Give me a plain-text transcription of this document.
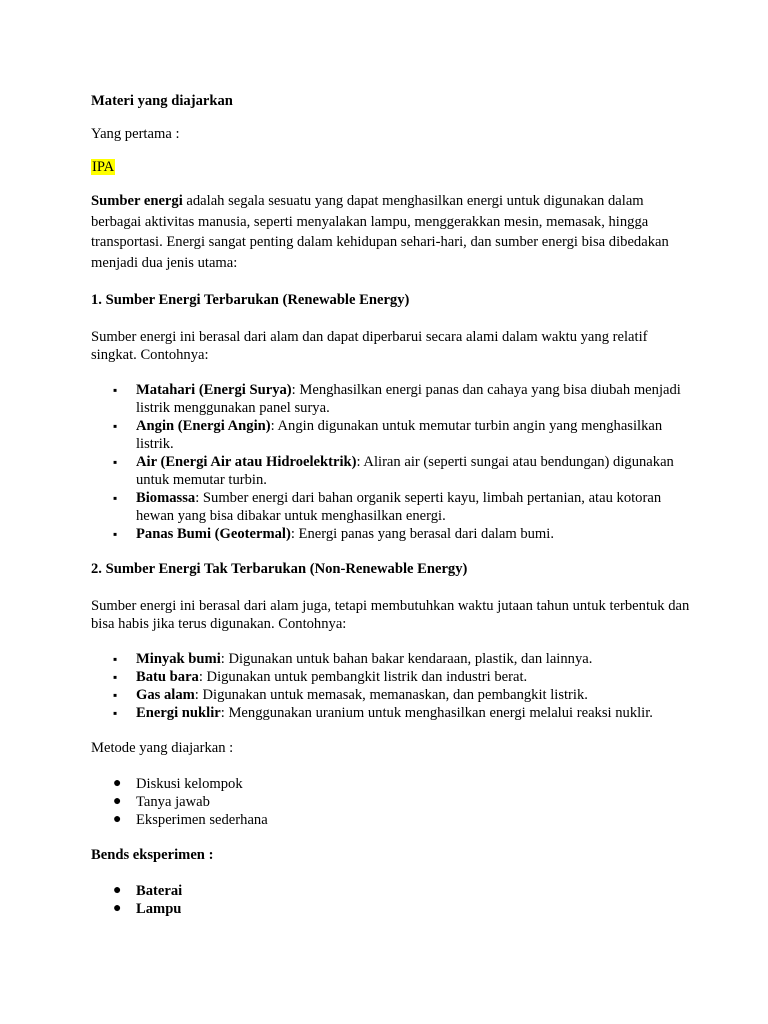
Materi yang diajarkan

Yang pertama :

IPA

Sumber energi adalah segala sesuatu yang dapat menghasilkan energi untuk digunakan dalam berbagai aktivitas manusia, seperti menyalakan lampu, menggerakkan mesin, memasak, hingga transportasi. Energi sangat penting dalam kehidupan sehari-hari, dan sumber energi bisa dibedakan menjadi dua jenis utama:

1. Sumber Energi Terbarukan (Renewable Energy)

Sumber energi ini berasal dari alam dan dapat diperbarui secara alami dalam waktu yang relatif singkat. Contohnya:

▪ Matahari (Energi Surya): Menghasilkan energi panas dan cahaya yang bisa diubah menjadi listrik menggunakan panel surya.
▪ Angin (Energi Angin): Angin digunakan untuk memutar turbin angin yang menghasilkan listrik.
▪ Air (Energi Air atau Hidroelektrik): Aliran air (seperti sungai atau bendungan) digunakan untuk memutar turbin.
▪ Biomassa: Sumber energi dari bahan organik seperti kayu, limbah pertanian, atau kotoran hewan yang bisa dibakar untuk menghasilkan energi.
▪ Panas Bumi (Geotermal): Energi panas yang berasal dari dalam bumi.

2. Sumber Energi Tak Terbarukan (Non-Renewable Energy)

Sumber energi ini berasal dari alam juga, tetapi membutuhkan waktu jutaan tahun untuk terbentuk dan bisa habis jika terus digunakan. Contohnya:

▪ Minyak bumi: Digunakan untuk bahan bakar kendaraan, plastik, dan lainnya.
▪ Batu bara: Digunakan untuk pembangkit listrik dan industri berat.
▪ Gas alam: Digunakan untuk memasak, memanaskan, dan pembangkit listrik.
▪ Energi nuklir: Menggunakan uranium untuk menghasilkan energi melalui reaksi nuklir.

Metode yang diajarkan :

● Diskusi kelompok
● Tanya jawab
● Eksperimen sederhana

Bends eksperimen :

● Baterai
● Lampu
